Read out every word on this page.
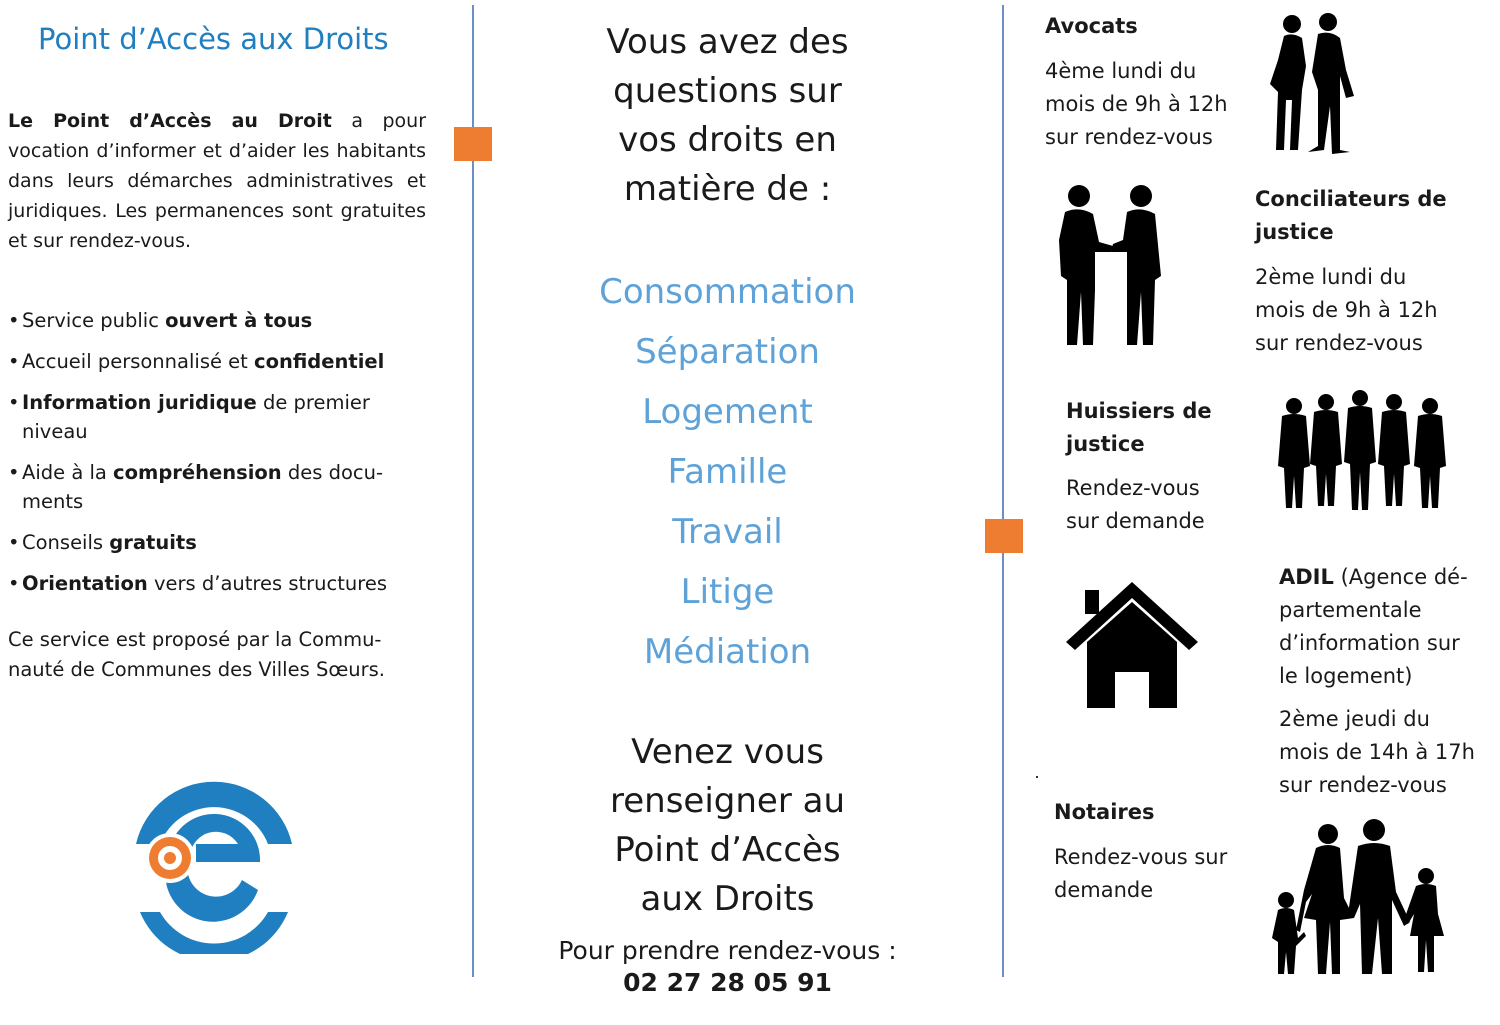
Point d’Accès aux Droits
Le Point d’Accès au Droit a pour vocation d’informer et d’aider les habitants dans leurs démarches administratives et juridiques. Les permanences sont gratuites et sur rendez-vous.
• Service public ouvert à tous
• Accueil personnalisé et confidentiel
• Information juridique de premier niveau
• Aide à la compréhension des docu-ments
• Conseils gratuits
• Orientation vers d’autres structures
Ce service est proposé par la Commu-nauté de Communes des Villes Sœurs.
Vous avez des
questions sur
vos droits en
matière de :
Consommation
Séparation
Logement
Famille
Travail
Litige
Médiation
Venez vous
renseigner au
Point d’Accès
aux Droits
Pour prendre rendez-vous :
02 27 28 05 91
Avocats
4ème lundi du
mois de 9h à 12h
sur rendez-vous
Conciliateurs de
justice
2ème lundi du
mois de 9h à 12h
sur rendez-vous
Huissiers de
justice
Rendez-vous
sur demande
ADIL (Agence dé-
partementale
d’information sur
le logement)
2ème jeudi du
mois de 14h à 17h
sur rendez-vous
Notaires
Rendez-vous sur
demande
